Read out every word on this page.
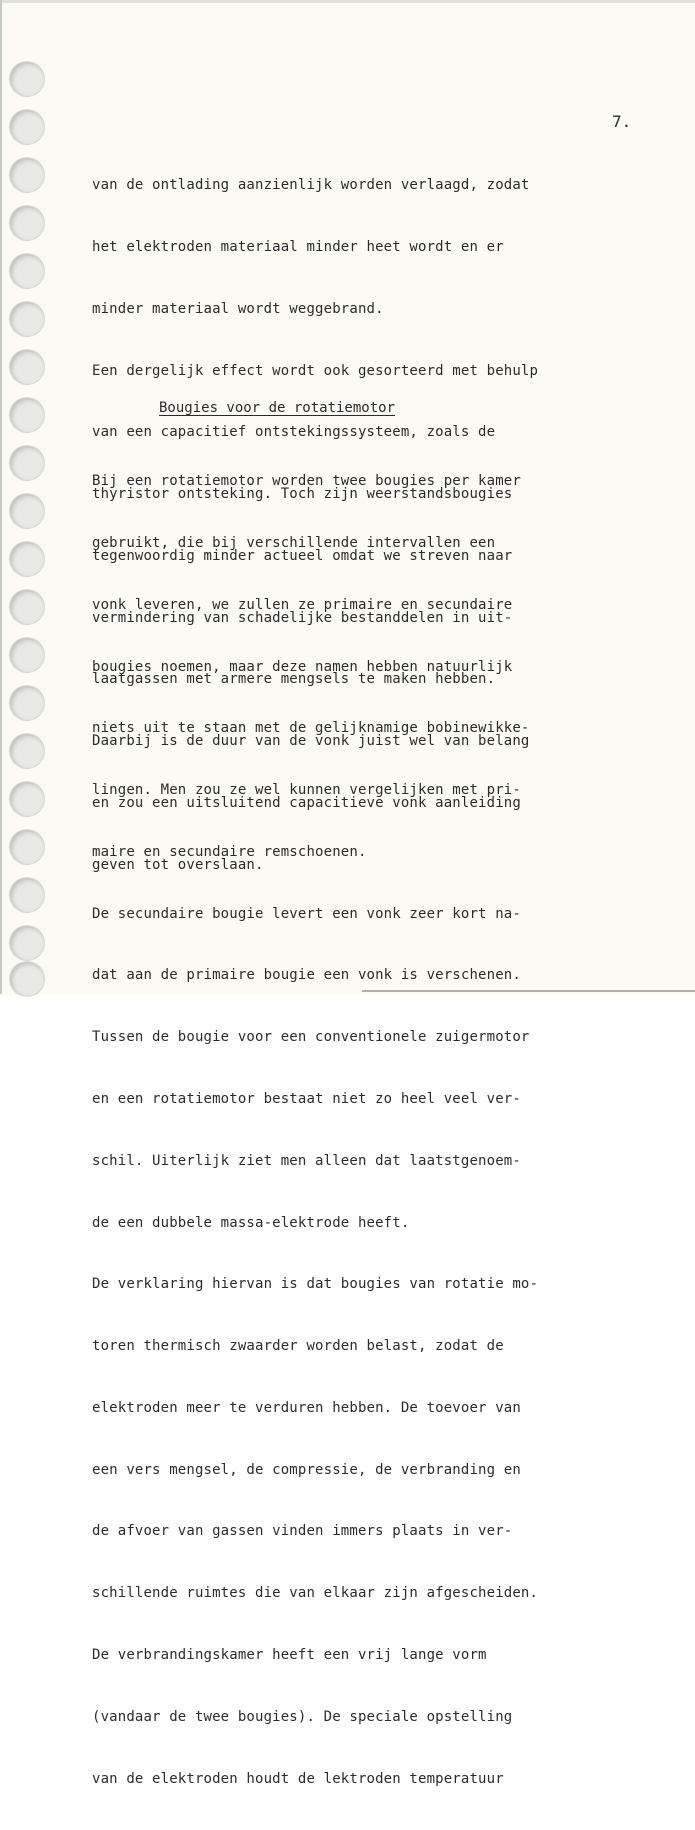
7.

van de ontlading aanzienlijk worden verlaagd, zodat

het elektroden materiaal minder heet wordt en er

minder materiaal wordt weggebrand.

Een dergelijk effect wordt ook gesorteerd met behulp

van een capacitief ontstekingssysteem, zoals de

thyristor ontsteking. Toch zijn weerstandsbougies

tegenwoordig minder actueel omdat we streven naar

vermindering van schadelijke bestanddelen in uit-

laatgassen met armere mengsels te maken hebben.

Daarbij is de duur van de vonk juist wel van belang

en zou een uitsluitend capacitieve vonk aanleiding

geven tot overslaan.

Bougies voor de rotatiemotor

Bij een rotatiemotor worden twee bougies per kamer

gebruikt, die bij verschillende intervallen een

vonk leveren, we zullen ze primaire en secundaire

bougies noemen, maar deze namen hebben natuurlijk

niets uit te staan met de gelijknamige bobinewikke-

lingen. Men zou ze wel kunnen vergelijken met pri-

maire en secundaire remschoenen.

De secundaire bougie levert een vonk zeer kort na-

dat aan de primaire bougie een vonk is verschenen.

Tussen de bougie voor een conventionele zuigermotor

en een rotatiemotor bestaat niet zo heel veel ver-

schil. Uiterlijk ziet men alleen dat laatstgenoem-

de een dubbele massa-elektrode heeft.

De verklaring hiervan is dat bougies van rotatie mo-

toren thermisch zwaarder worden belast, zodat de

elektroden meer te verduren hebben. De toevoer van

een vers mengsel, de compressie, de verbranding en

de afvoer van gassen vinden immers plaats in ver-

schillende ruimtes die van elkaar zijn afgescheiden.

De verbrandingskamer heeft een vrij lange vorm

(vandaar de twee bougies). De speciale opstelling

van de elektroden houdt de lektroden temperatuur
